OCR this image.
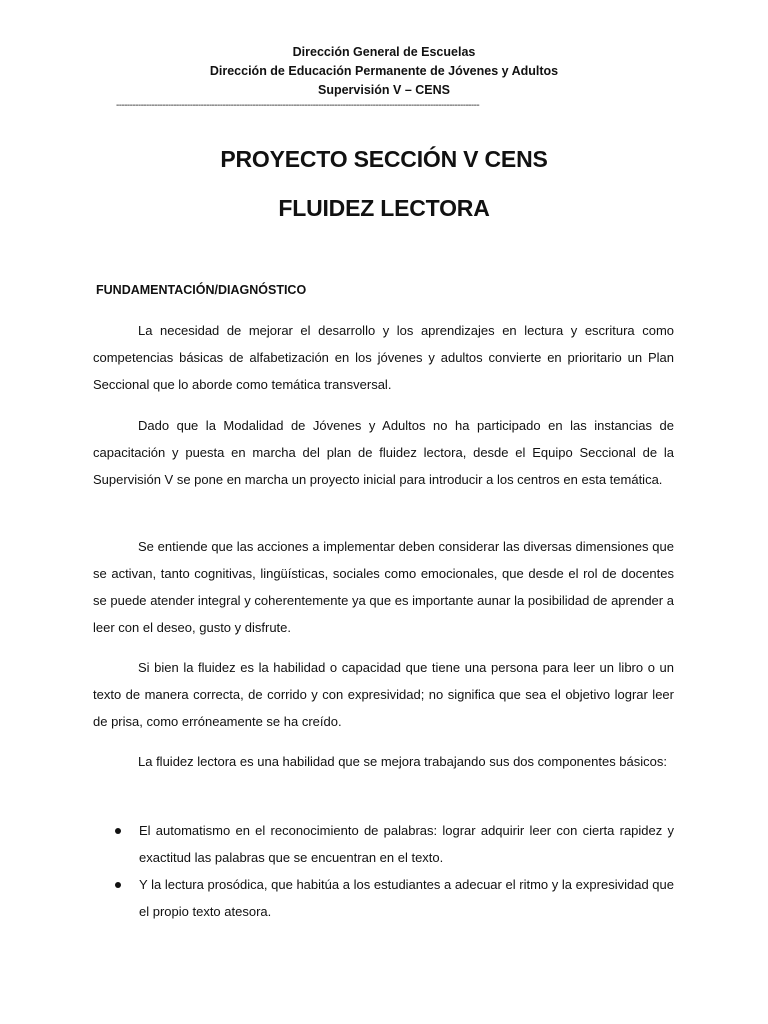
Dirección General de Escuelas
Dirección de Educación Permanente de Jóvenes y Adultos
Supervisión V – CENS
-------------------------------------------------------------------------------------------------------------------------------------
PROYECTO SECCIÓN V CENS
FLUIDEZ LECTORA
FUNDAMENTACIÓN/DIAGNÓSTICO

La necesidad de mejorar el desarrollo y los aprendizajes en lectura y escritura como competencias básicas de alfabetización en los jóvenes y adultos convierte en prioritario un Plan Seccional que lo aborde como temática transversal.

Dado que la Modalidad de Jóvenes y Adultos no ha participado en las instancias de capacitación y puesta en marcha del plan de fluidez lectora, desde el Equipo Seccional de la Supervisión V se pone en marcha un proyecto inicial para introducir a los centros en esta temática.

Se entiende que las acciones a implementar deben considerar las diversas dimensiones que se activan, tanto cognitivas, lingüísticas, sociales como emocionales, que desde el rol de docentes se puede atender integral y coherentemente ya que es importante aunar la posibilidad de aprender a leer con el deseo, gusto y disfrute.

Si bien la fluidez es la habilidad o capacidad que tiene una persona para leer un libro o un texto de manera correcta, de corrido y con expresividad; no significa que sea el objetivo lograr leer de prisa, como erróneamente se ha creído.

La fluidez lectora es una habilidad que se mejora trabajando sus dos componentes básicos:

El automatismo en el reconocimiento de palabras: lograr adquirir leer con cierta rapidez y exactitud las palabras que se encuentran en el texto.
Y la lectura prosódica, que habitúa a los estudiantes a adecuar el ritmo y la expresividad que el propio texto atesora.
